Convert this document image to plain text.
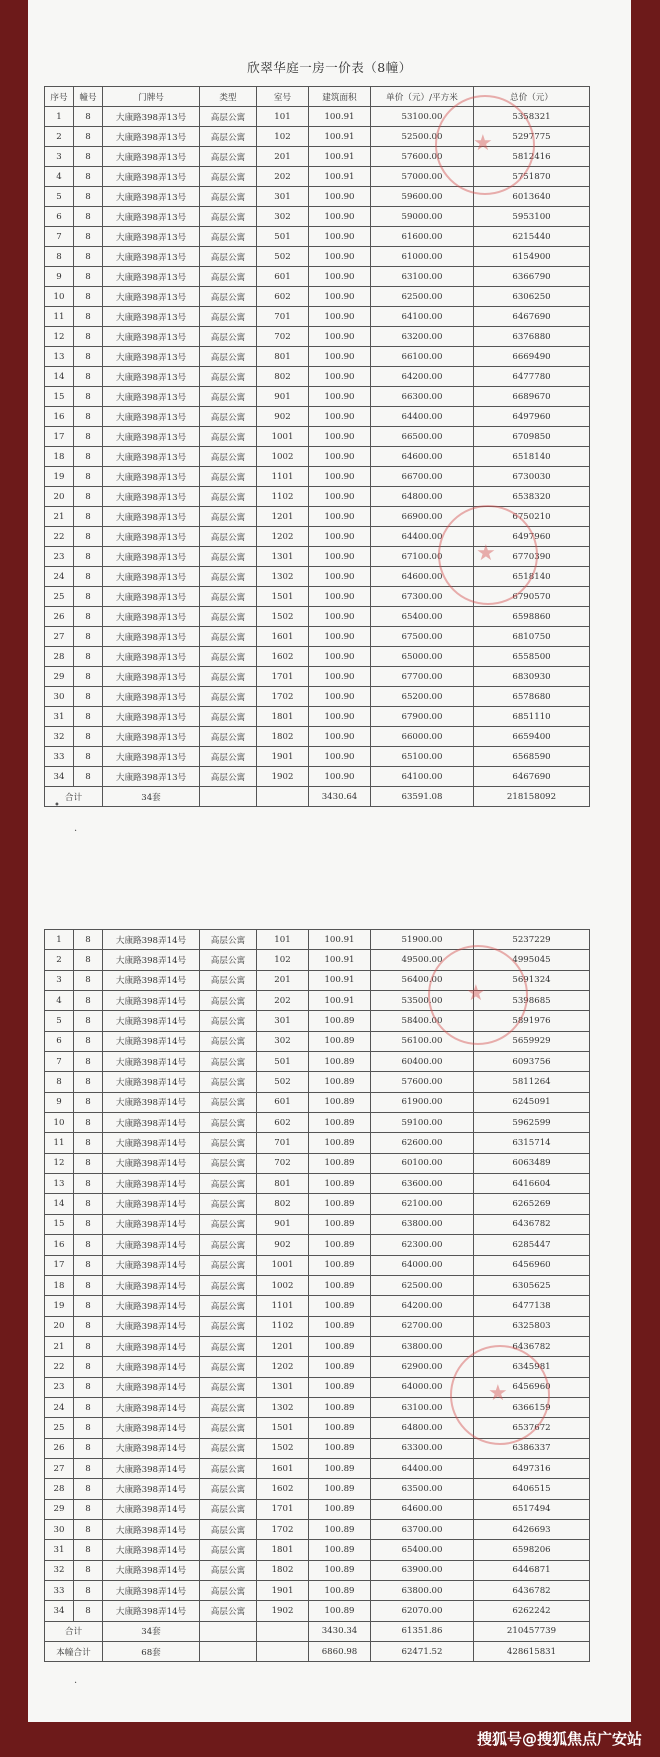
欣翠华庭一房一价表（8幢）
序号	幢号	门牌号	类型	室号	建筑面积	单价（元）/平方米	总价（元）
1	8	大康路398弄13号	高层公寓	101	100.91	53100.00	5358321
2	8	大康路398弄13号	高层公寓	102	100.91	52500.00	5297775
3	8	大康路398弄13号	高层公寓	201	100.91	57600.00	5812416
4	8	大康路398弄13号	高层公寓	202	100.91	57000.00	5751870
5	8	大康路398弄13号	高层公寓	301	100.90	59600.00	6013640
6	8	大康路398弄13号	高层公寓	302	100.90	59000.00	5953100
7	8	大康路398弄13号	高层公寓	501	100.90	61600.00	6215440
8	8	大康路398弄13号	高层公寓	502	100.90	61000.00	6154900
9	8	大康路398弄13号	高层公寓	601	100.90	63100.00	6366790
10	8	大康路398弄13号	高层公寓	602	100.90	62500.00	6306250
11	8	大康路398弄13号	高层公寓	701	100.90	64100.00	6467690
12	8	大康路398弄13号	高层公寓	702	100.90	63200.00	6376880
13	8	大康路398弄13号	高层公寓	801	100.90	66100.00	6669490
14	8	大康路398弄13号	高层公寓	802	100.90	64200.00	6477780
15	8	大康路398弄13号	高层公寓	901	100.90	66300.00	6689670
16	8	大康路398弄13号	高层公寓	902	100.90	64400.00	6497960
17	8	大康路398弄13号	高层公寓	1001	100.90	66500.00	6709850
18	8	大康路398弄13号	高层公寓	1002	100.90	64600.00	6518140
19	8	大康路398弄13号	高层公寓	1101	100.90	66700.00	6730030
20	8	大康路398弄13号	高层公寓	1102	100.90	64800.00	6538320
21	8	大康路398弄13号	高层公寓	1201	100.90	66900.00	6750210
22	8	大康路398弄13号	高层公寓	1202	100.90	64400.00	6497960
23	8	大康路398弄13号	高层公寓	1301	100.90	67100.00	6770390
24	8	大康路398弄13号	高层公寓	1302	100.90	64600.00	6518140
25	8	大康路398弄13号	高层公寓	1501	100.90	67300.00	6790570
26	8	大康路398弄13号	高层公寓	1502	100.90	65400.00	6598860
27	8	大康路398弄13号	高层公寓	1601	100.90	67500.00	6810750
28	8	大康路398弄13号	高层公寓	1602	100.90	65000.00	6558500
29	8	大康路398弄13号	高层公寓	1701	100.90	67700.00	6830930
30	8	大康路398弄13号	高层公寓	1702	100.90	65200.00	6578680
31	8	大康路398弄13号	高层公寓	1801	100.90	67900.00	6851110
32	8	大康路398弄13号	高层公寓	1802	100.90	66000.00	6659400
33	8	大康路398弄13号	高层公寓	1901	100.90	65100.00	6568590
34	8	大康路398弄13号	高层公寓	1902	100.90	64100.00	6467690
合计		34套			3430.64	63591.08	218158092
1	8	大康路398弄14号	高层公寓	101	100.91	51900.00	5237229
2	8	大康路398弄14号	高层公寓	102	100.91	49500.00	4995045
3	8	大康路398弄14号	高层公寓	201	100.91	56400.00	5691324
4	8	大康路398弄14号	高层公寓	202	100.91	53500.00	5398685
5	8	大康路398弄14号	高层公寓	301	100.89	58400.00	5891976
6	8	大康路398弄14号	高层公寓	302	100.89	56100.00	5659929
7	8	大康路398弄14号	高层公寓	501	100.89	60400.00	6093756
8	8	大康路398弄14号	高层公寓	502	100.89	57600.00	5811264
9	8	大康路398弄14号	高层公寓	601	100.89	61900.00	6245091
10	8	大康路398弄14号	高层公寓	602	100.89	59100.00	5962599
11	8	大康路398弄14号	高层公寓	701	100.89	62600.00	6315714
12	8	大康路398弄14号	高层公寓	702	100.89	60100.00	6063489
13	8	大康路398弄14号	高层公寓	801	100.89	63600.00	6416604
14	8	大康路398弄14号	高层公寓	802	100.89	62100.00	6265269
15	8	大康路398弄14号	高层公寓	901	100.89	63800.00	6436782
16	8	大康路398弄14号	高层公寓	902	100.89	62300.00	6285447
17	8	大康路398弄14号	高层公寓	1001	100.89	64000.00	6456960
18	8	大康路398弄14号	高层公寓	1002	100.89	62500.00	6305625
19	8	大康路398弄14号	高层公寓	1101	100.89	64200.00	6477138
20	8	大康路398弄14号	高层公寓	1102	100.89	62700.00	6325803
21	8	大康路398弄14号	高层公寓	1201	100.89	63800.00	6436782
22	8	大康路398弄14号	高层公寓	1202	100.89	62900.00	6345981
23	8	大康路398弄14号	高层公寓	1301	100.89	64000.00	6456960
24	8	大康路398弄14号	高层公寓	1302	100.89	63100.00	6366159
25	8	大康路398弄14号	高层公寓	1501	100.89	64800.00	6537672
26	8	大康路398弄14号	高层公寓	1502	100.89	63300.00	6386337
27	8	大康路398弄14号	高层公寓	1601	100.89	64400.00	6497316
28	8	大康路398弄14号	高层公寓	1602	100.89	63500.00	6406515
29	8	大康路398弄14号	高层公寓	1701	100.89	64600.00	6517494
30	8	大康路398弄14号	高层公寓	1702	100.89	63700.00	6426693
31	8	大康路398弄14号	高层公寓	1801	100.89	65400.00	6598206
32	8	大康路398弄14号	高层公寓	1802	100.89	63900.00	6446871
33	8	大康路398弄14号	高层公寓	1901	100.89	63800.00	6436782
34	8	大康路398弄14号	高层公寓	1902	100.89	62070.00	6262242
合计		34套			3430.34	61351.86	210457739
本幢合计		68套			6860.98	62471.52	428615831
★
★
★
★
•
·
·
搜狐号@搜狐焦点广安站
